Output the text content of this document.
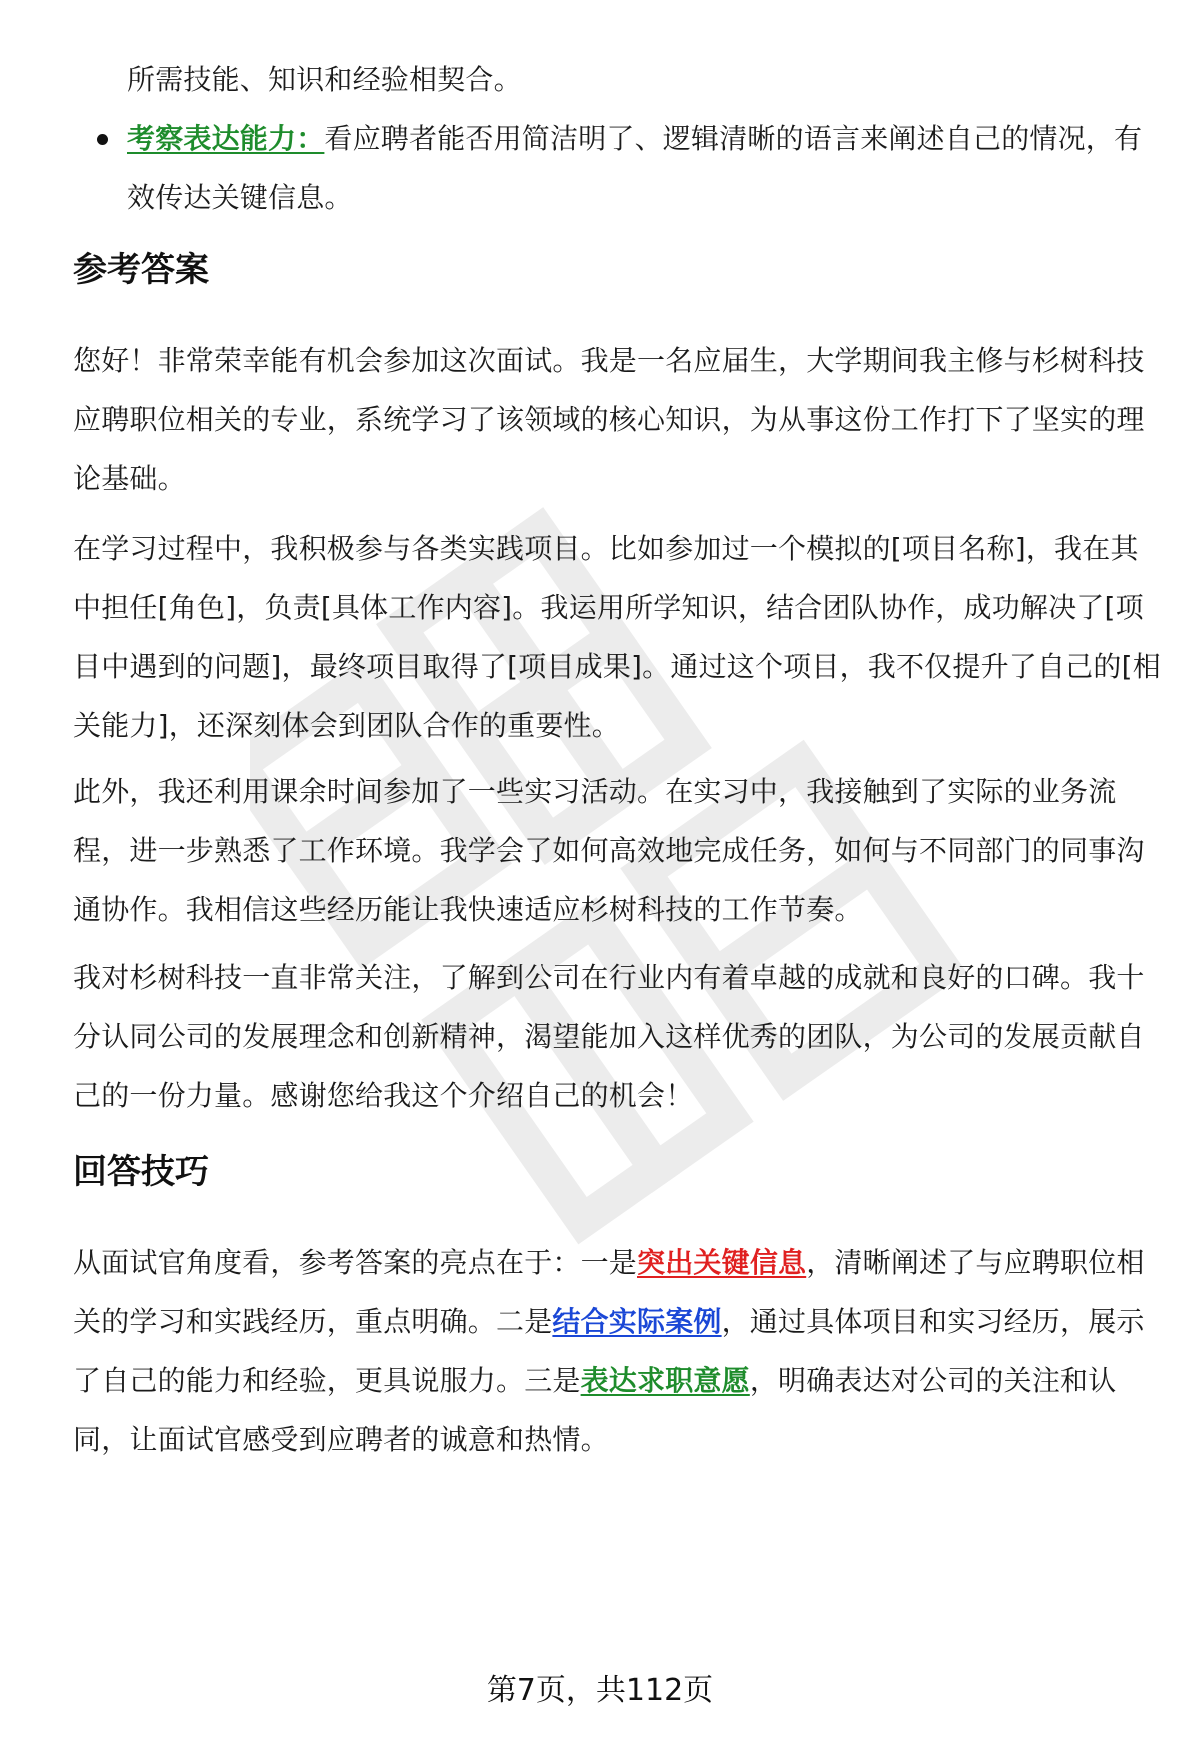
所需技能、知识和经验相契合。

考察表达能力：看应聘者能否用简洁明了、逻辑清晰的语言来阐述自己的情况，有效传达关键信息。

参考答案

您好！非常荣幸能有机会参加这次面试。我是一名应届生，大学期间我主修与杉树科技应聘职位相关的专业，系统学习了该领域的核心知识，为从事这份工作打下了坚实的理论基础。

在学习过程中，我积极参与各类实践项目。比如参加过一个模拟的[项目名称]，我在其中担任[角色]，负责[具体工作内容]。我运用所学知识，结合团队协作，成功解决了[项目中遇到的问题]，最终项目取得了[项目成果]。通过这个项目，我不仅提升了自己的[相关能力]，还深刻体会到团队合作的重要性。

此外，我还利用课余时间参加了一些实习活动。在实习中，我接触到了实际的业务流程，进一步熟悉了工作环境。我学会了如何高效地完成任务，如何与不同部门的同事沟通协作。我相信这些经历能让我快速适应杉树科技的工作节奏。

我对杉树科技一直非常关注，了解到公司在行业内有着卓越的成就和良好的口碑。我十分认同公司的发展理念和创新精神，渴望能加入这样优秀的团队，为公司的发展贡献自己的一份力量。感谢您给我这个介绍自己的机会！

回答技巧

从面试官角度看，参考答案的亮点在于：一是突出关键信息，清晰阐述了与应聘职位相关的学习和实践经历，重点明确。二是结合实际案例，通过具体项目和实习经历，展示了自己的能力和经验，更具说服力。三是表达求职意愿，明确表达对公司的关注和认同，让面试官感受到应聘者的诚意和热情。

第7页，共112页
